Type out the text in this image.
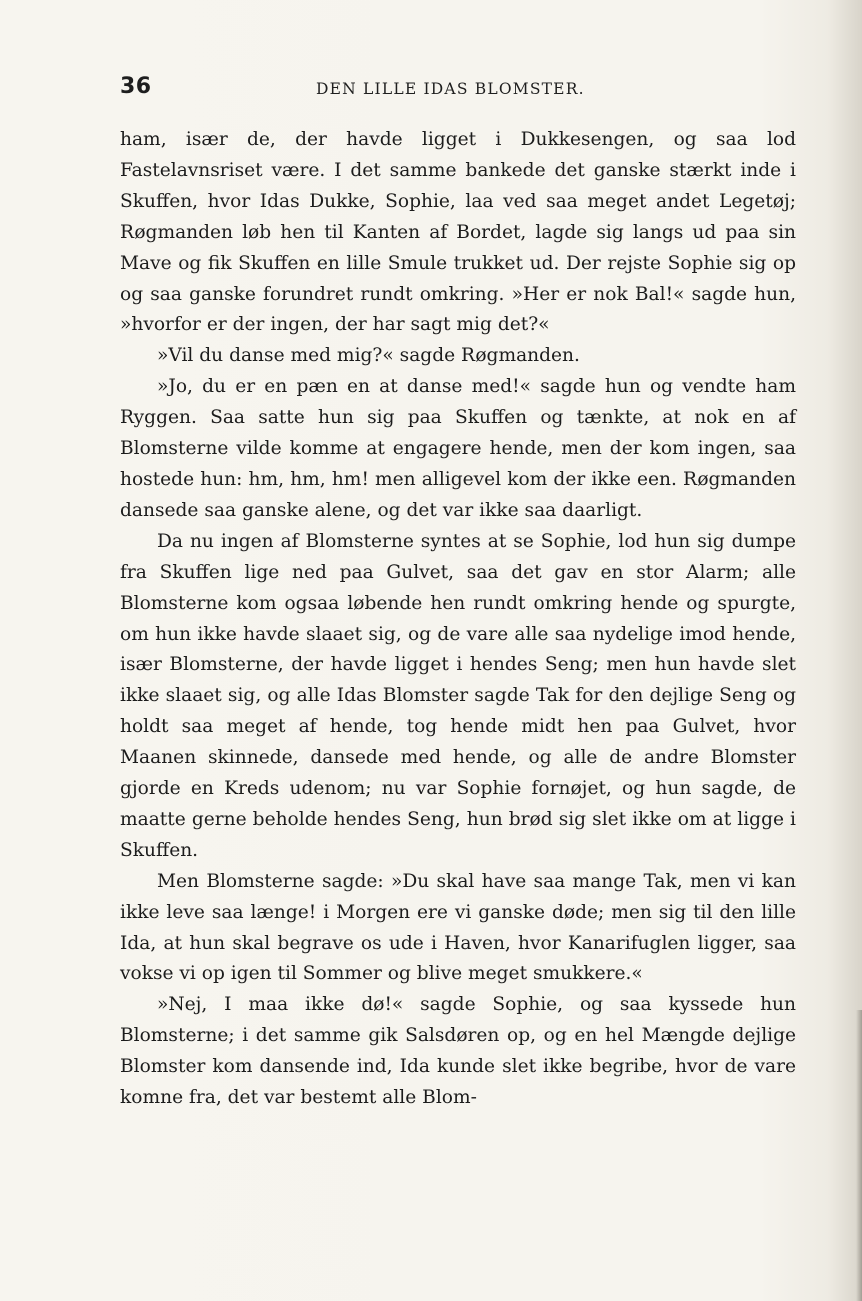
36	DEN LILLE IDAS BLOMSTER.

ham, især de, der havde ligget i Dukkesengen, og saa lod Fastelavnsriset være. I det samme bankede det ganske stærkt inde i Skuffen, hvor Idas Dukke, Sophie, laa ved saa meget andet Legetøj; Røgmanden løb hen til Kanten af Bordet, lagde sig langs ud paa sin Mave og fik Skuffen en lille Smule trukket ud. Der rejste Sophie sig op og saa ganske forundret rundt omkring. »Her er nok Bal!« sagde hun, »hvorfor er der ingen, der har sagt mig det?«

»Vil du danse med mig?« sagde Røgmanden.

»Jo, du er en pæn en at danse med!« sagde hun og vendte ham Ryggen. Saa satte hun sig paa Skuffen og tænkte, at nok en af Blomsterne vilde komme at engagere hende, men der kom ingen, saa hostede hun: hm, hm, hm! men alligevel kom der ikke een. Røgmanden dansede saa ganske alene, og det var ikke saa daarligt.

Da nu ingen af Blomsterne syntes at se Sophie, lod hun sig dumpe fra Skuffen lige ned paa Gulvet, saa det gav en stor Alarm; alle Blomsterne kom ogsaa løbende hen rundt omkring hende og spurgte, om hun ikke havde slaaet sig, og de vare alle saa nydelige imod hende, især Blomsterne, der havde ligget i hendes Seng; men hun havde slet ikke slaaet sig, og alle Idas Blomster sagde Tak for den dejlige Seng og holdt saa meget af hende, tog hende midt hen paa Gulvet, hvor Maanen skinnede, dansede med hende, og alle de andre Blomster gjorde en Kreds udenom; nu var Sophie fornøjet, og hun sagde, de maatte gerne beholde hendes Seng, hun brød sig slet ikke om at ligge i Skuffen.

Men Blomsterne sagde: »Du skal have saa mange Tak, men vi kan ikke leve saa længe! i Morgen ere vi ganske døde; men sig til den lille Ida, at hun skal begrave os ude i Haven, hvor Kanarifuglen ligger, saa vokse vi op igen til Sommer og blive meget smukkere.«

»Nej, I maa ikke dø!« sagde Sophie, og saa kyssede hun Blomsterne; i det samme gik Salsdøren op, og en hel Mængde dejlige Blomster kom dansende ind, Ida kunde slet ikke begribe, hvor de vare komne fra, det var bestemt alle Blom-
